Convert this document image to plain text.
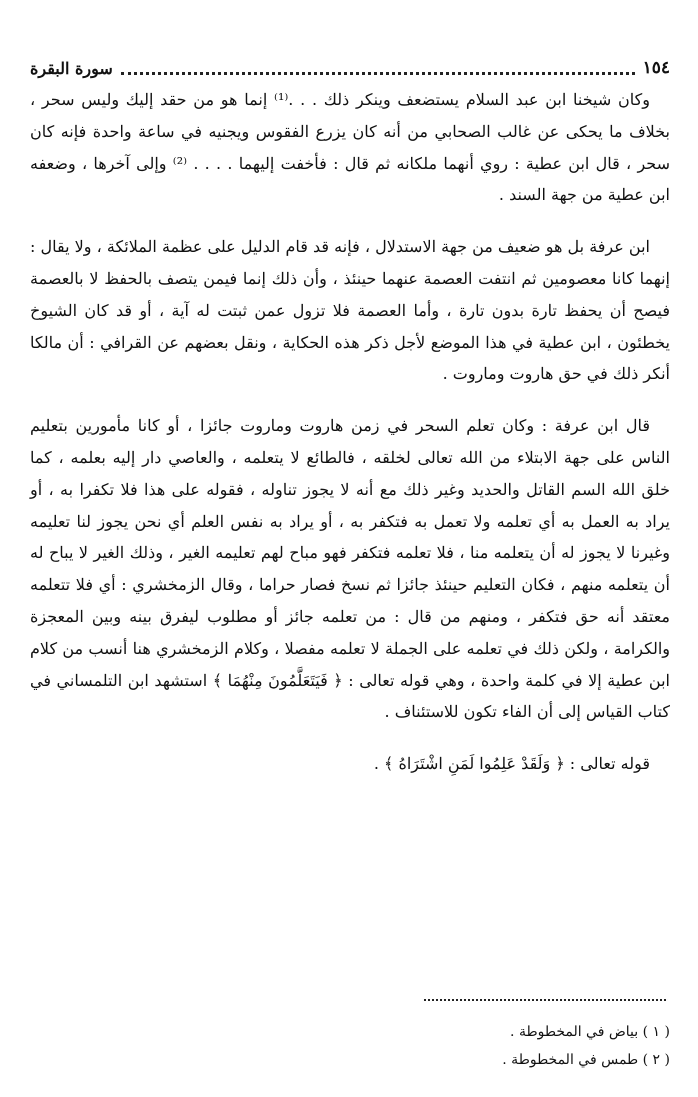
١٥٤
سورة البقرة

وكان شيخنا ابن عبد السلام يستضعف وينكر ذلك . . .⁽¹⁾ إنما هو من حقد إليك وليس سحر ، بخلاف ما يحكى عن غالب الصحابي من أنه كان يزرع الفقوس ويجنيه في ساعة واحدة فإنه كان سحر ، قال ابن عطية : روي أنهما ملكانه ثم قال : فأخفت إليهما . . . . ⁽²⁾ وإلى آخرها ، وضعفه ابن عطية من جهة السند .

ابن عرفة بل هو ضعيف من جهة الاستدلال ، فإنه قد قام الدليل على عظمة الملائكة ، ولا يقال : إنهما كانا معصومين ثم انتفت العصمة عنهما حينئذ ، وأن ذلك إنما فيمن يتصف بالحفظ لا بالعصمة فيصح أن يحفظ تارة بدون تارة ، وأما العصمة فلا تزول عمن ثبتت له آية ، أو قد كان الشيوخ يخطئون ، ابن عطية في هذا الموضع لأجل ذكر هذه الحكاية ، ونقل بعضهم عن القرافي : أن مالكا أنكر ذلك في حق هاروت وماروت .

قال ابن عرفة : وكان تعلم السحر في زمن هاروت وماروت جائزا ، أو كانا مأمورين بتعليم الناس على جهة الابتلاء من الله تعالى لخلقه ، فالطائع لا يتعلمه ، والعاصي دار إليه بعلمه ، كما خلق الله السم القاتل والحديد وغير ذلك مع أنه لا يجوز تناوله ، فقوله على هذا فلا تكفرا به ، أو يراد به العمل به أي تعلمه ولا تعمل به فتكفر به ، أو يراد به نفس العلم أي نحن يجوز لنا تعليمه وغيرنا لا يجوز له أن يتعلمه منا ، فلا تعلمه فتكفر فهو مباح لهم تعليمه الغير ، وذلك الغير لا يباح له أن يتعلمه منهم ، فكان التعليم حينئذ جائزا ثم نسخ فصار حراما ، وقال الزمخشري : أي فلا تتعلمه معتقد أنه حق فتكفر ، ومنهم من قال : من تعلمه جائز أو مطلوب ليفرق بينه وبين المعجزة والكرامة ، ولكن ذلك في تعلمه على الجملة لا تعلمه مفصلا ، وكلام الزمخشري هنا أنسب من كلام ابن عطية إلا في كلمة واحدة ، وهي قوله تعالى : ﴿ فَيَتَعَلَّمُونَ مِنْهُمَا ﴾ استشهد ابن التلمساني في كتاب القياس إلى أن الفاء تكون للاستئناف .

قوله تعالى : ﴿ وَلَقَدْ عَلِمُوا لَمَنِ اشْتَرَاهُ ﴾ .

( ١ ) بياض في المخطوطة .
( ٢ ) طمس في المخطوطة .
